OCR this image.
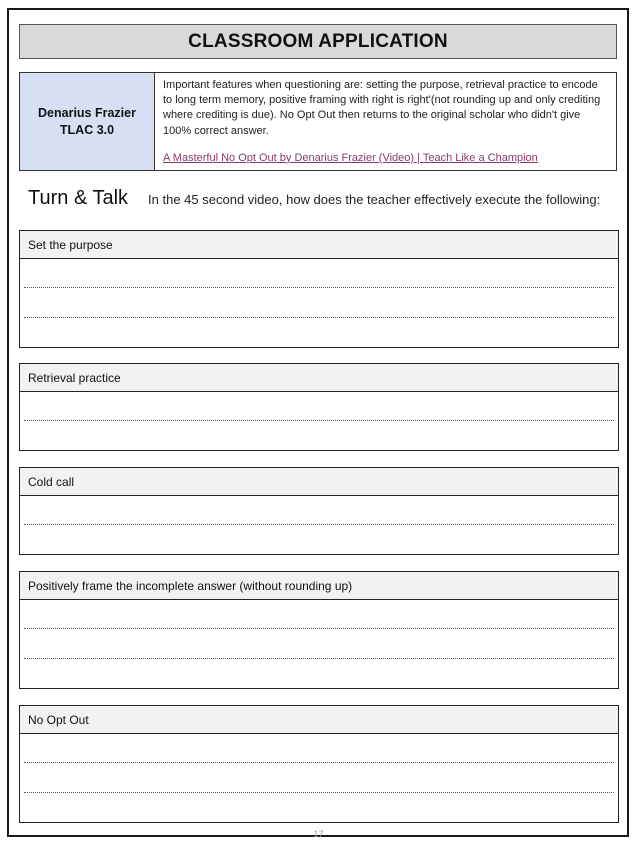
CLASSROOM APPLICATION
Denarius Frazier
TLAC 3.0
Important features when questioning are: setting the purpose, retrieval practice to encode to long term memory, positive framing with right is right'(not rounding up and only crediting where crediting is due). No Opt Out then returns to the original scholar who didn't give 100% correct answer.
A Masterful No Opt Out by Denarius Frazier (Video) | Teach Like a Champion
Turn & Talk In the 45 second video, how does the teacher effectively execute the following:
Set the purpose
Retrieval practice
Cold call
Positively frame the incomplete answer (without rounding up)
No Opt Out
17
